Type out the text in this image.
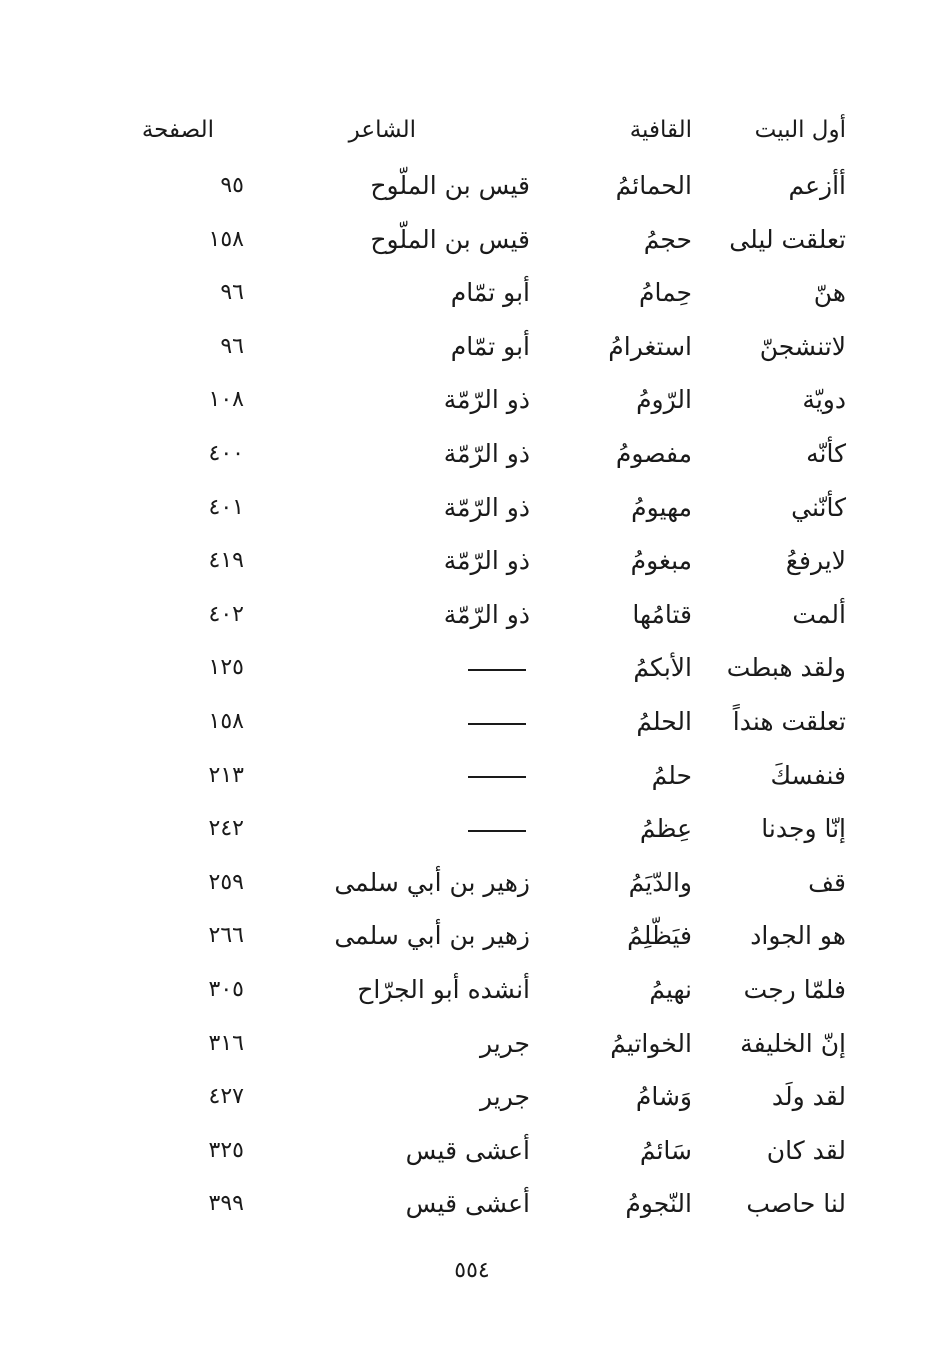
أول البيت
القافية
الشاعر
الصفحة
أأزعم
الحمائمُ
قيس بن الملّوح
٩٥
تعلقت ليلى
حجمُ
قيس بن الملّوح
١٥٨
هنّ
حِمامُ
أبو تمّام
٩٦
لاتنشجنّ
استغرامُ
أبو تمّام
٩٦
دويّة
الرّومُ
ذو الرّمّة
١٠٨
كأنّه
مفصومُ
ذو الرّمّة
٤٠٠
كأنّني
مهيومُ
ذو الرّمّة
٤٠١
لايرفعُ
مبغومُ
ذو الرّمّة
٤١٩
ألمت
قتامُها
ذو الرّمّة
٤٠٢
ولقد هبطت
الأبكمُ
١٢٥
تعلقت هنداً
الحلمُ
١٥٨
فنفسكَ
حلمُ
٢١٣
إنّا وجدنا
عِظمُ
٢٤٢
قف
والدّيَمُ
زهير بن أبي سلمى
٢٥٩
هو الجواد
فيَظّلِمُ
زهير بن أبي سلمى
٢٦٦
فلمّا رجت
نهيمُ
أنشده أبو الجرّاح
٣٠٥
إنّ الخليفة
الخواتيمُ
جرير
٣١٦
لقد ولَد
وَشامُ
جرير
٤٢٧
لقد كان
سَائمُ
أعشى قيس
٣٢٥
لنا حاصب
النّجومُ
أعشى قيس
٣٩٩
٥٥٤
